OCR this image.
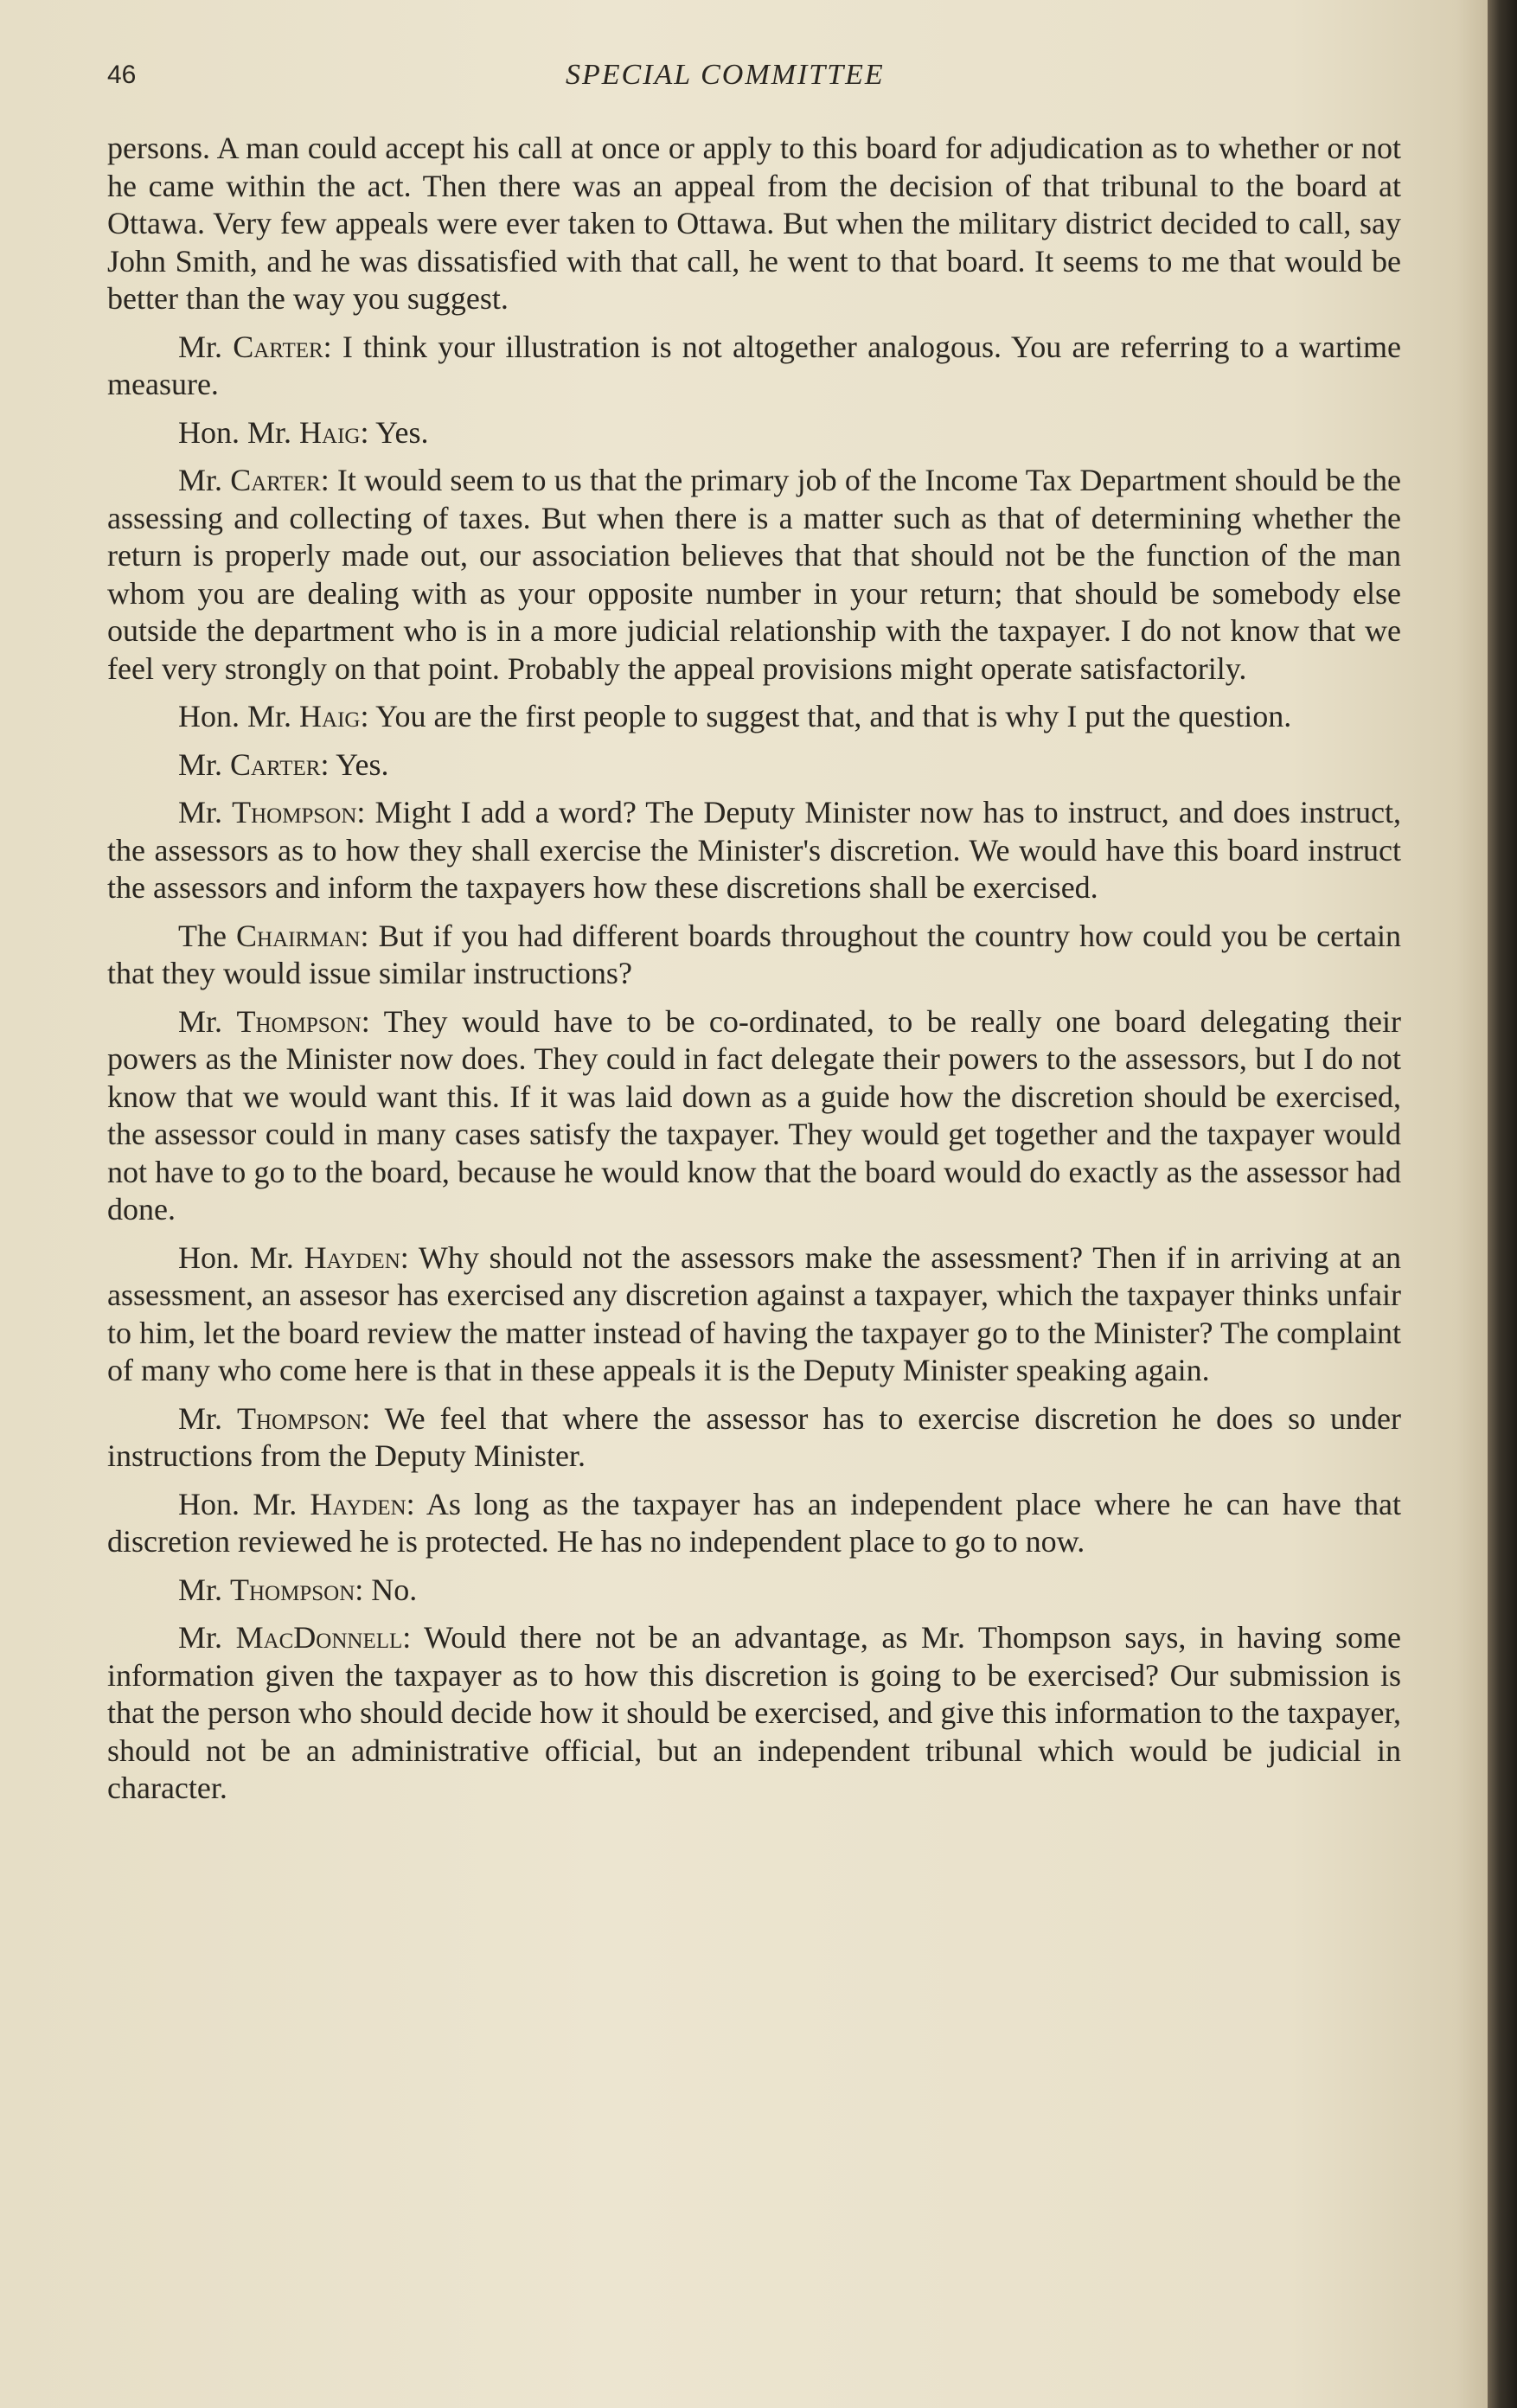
46	SPECIAL COMMITTEE

persons. A man could accept his call at once or apply to this board for adjudication as to whether or not he came within the act. Then there was an appeal from the decision of that tribunal to the board at Ottawa. Very few appeals were ever taken to Ottawa. But when the military district decided to call, say John Smith, and he was dissatisfied with that call, he went to that board. It seems to me that would be better than the way you suggest.

Mr. Carter: I think your illustration is not altogether analogous. You are referring to a wartime measure.

Hon. Mr. Haig: Yes.

Mr. Carter: It would seem to us that the primary job of the Income Tax Department should be the assessing and collecting of taxes. But when there is a matter such as that of determining whether the return is properly made out, our association believes that that should not be the function of the man whom you are dealing with as your opposite number in your return; that should be somebody else outside the department who is in a more judicial relationship with the taxpayer. I do not know that we feel very strongly on that point. Probably the appeal provisions might operate satisfactorily.

Hon. Mr. Haig: You are the first people to suggest that, and that is why I put the question.

Mr. Carter: Yes.

Mr. Thompson: Might I add a word? The Deputy Minister now has to instruct, and does instruct, the assessors as to how they shall exercise the Minister's discretion. We would have this board instruct the assessors and inform the taxpayers how these discretions shall be exercised.

The Chairman: But if you had different boards throughout the country how could you be certain that they would issue similar instructions?

Mr. Thompson: They would have to be co-ordinated, to be really one board delegating their powers as the Minister now does. They could in fact delegate their powers to the assessors, but I do not know that we would want this. If it was laid down as a guide how the discretion should be exercised, the assessor could in many cases satisfy the taxpayer. They would get together and the taxpayer would not have to go to the board, because he would know that the board would do exactly as the assessor had done.

Hon. Mr. Hayden: Why should not the assessors make the assessment? Then if in arriving at an assessment, an assesor has exercised any discretion against a taxpayer, which the taxpayer thinks unfair to him, let the board review the matter instead of having the taxpayer go to the Minister? The complaint of many who come here is that in these appeals it is the Deputy Minister speaking again.

Mr. Thompson: We feel that where the assessor has to exercise discretion he does so under instructions from the Deputy Minister.

Hon. Mr. Hayden: As long as the taxpayer has an independent place where he can have that discretion reviewed he is protected. He has no independent place to go to now.

Mr. Thompson: No.

Mr. MacDonnell: Would there not be an advantage, as Mr. Thompson says, in having some information given the taxpayer as to how this discretion is going to be exercised? Our submission is that the person who should decide how it should be exercised, and give this information to the taxpayer, should not be an administrative official, but an independent tribunal which would be judicial in character.
